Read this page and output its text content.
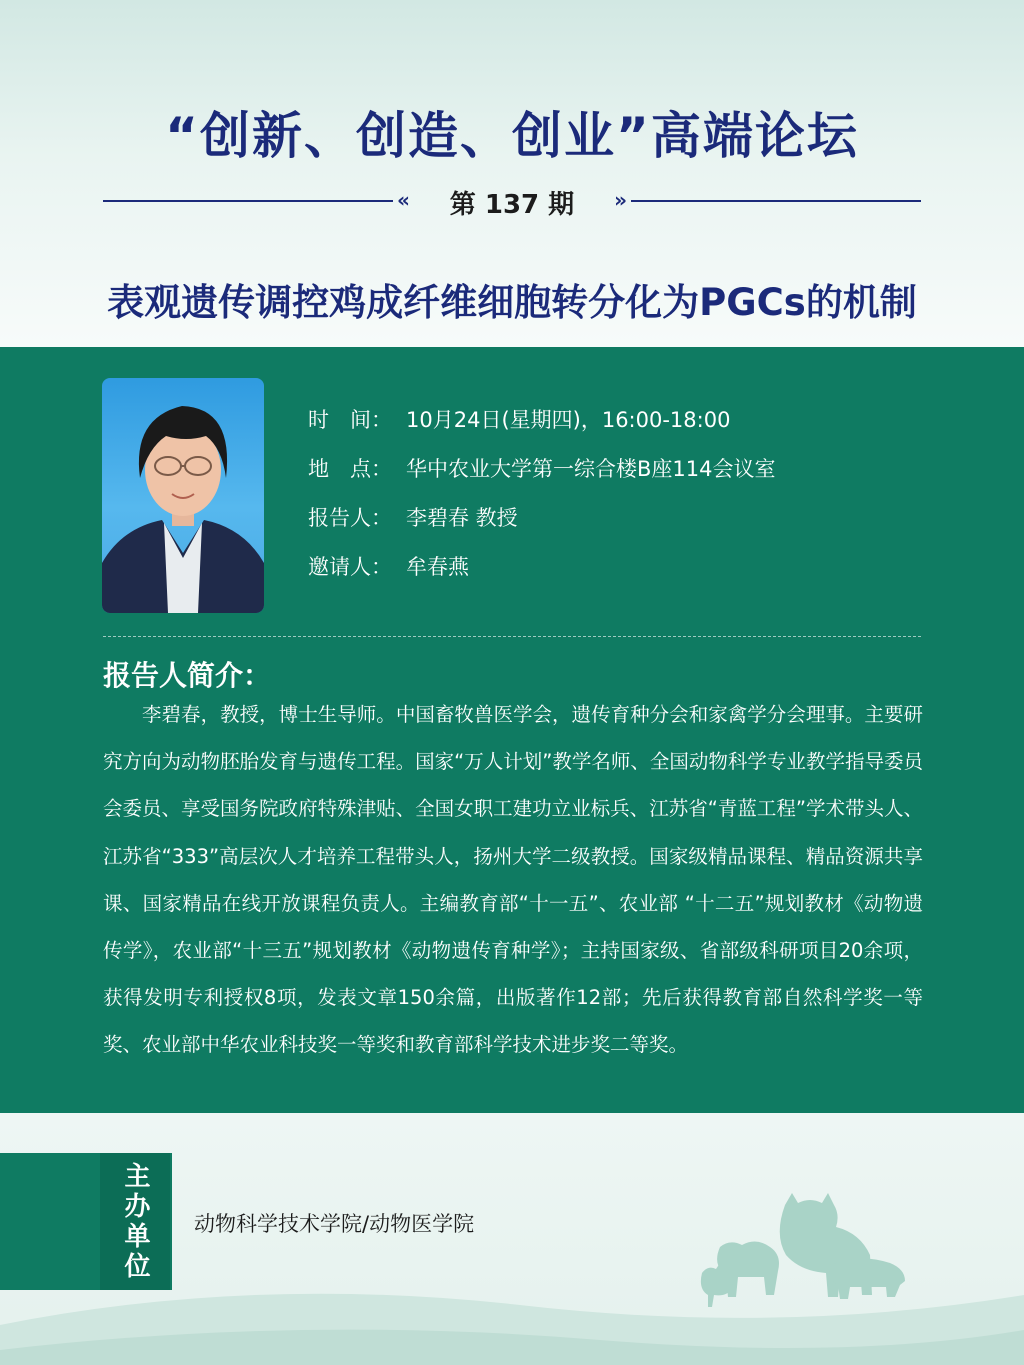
“创新、创造、创业”高端论坛
«	第 137 期	»
表观遗传调控鸡成纤维细胞转分化为PGCs的机制
时　间： 10月24日(星期四)，16:00-18:00
地　点： 华中农业大学第一综合楼B座114会议室
报告人： 李碧春 教授
邀请人： 牟春燕
报告人简介：
李碧春，教授，博士生导师。中国畜牧兽医学会，遗传育种分会和家禽学分会理事。主要研究方向为动物胚胎发育与遗传工程。国家“万人计划”教学名师、全国动物科学专业教学指导委员会委员、享受国务院政府特殊津贴、全国女职工建功立业标兵、江苏省“青蓝工程”学术带头人、江苏省“333”高层次人才培养工程带头人，扬州大学二级教授。国家级精品课程、精品资源共享课、国家精品在线开放课程负责人。主编教育部“十一五”、农业部 “十二五”规划教材《动物遗传学》，农业部“十三五”规划教材《动物遗传育种学》；主持国家级、省部级科研项目20余项，获得发明专利授权8项，发表文章150余篇，出版著作12部；先后获得教育部自然科学奖一等奖、农业部中华农业科技奖一等奖和教育部科学技术进步奖二等奖。
主办单位	动物科学技术学院/动物医学院
